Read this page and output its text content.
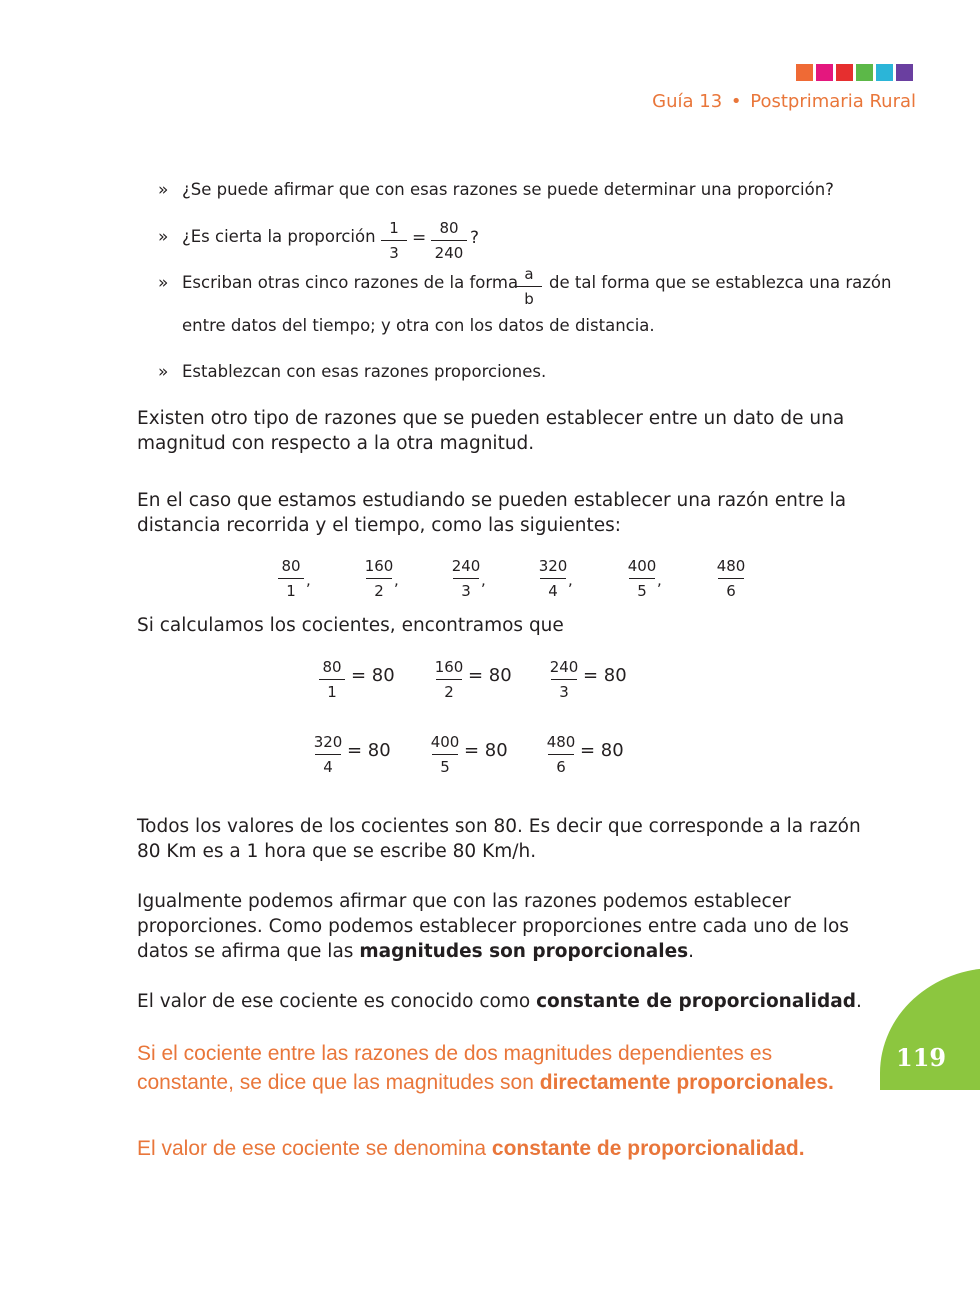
Guía 13 • Postprimaria Rural
» ¿Se puede afirmar que con esas razones se puede determinar una proporción?
» ¿Es cierta la proporción 1
3
= 80
240
?
» Escriban otras cinco razones de la forma a
b
de tal forma que se establezca una razón
entre datos del tiempo; y otra con los datos de distancia.
» Establezcan con esas razones proporciones.
Existen otro tipo de razones que se pueden establecer entre un dato de una magnitud con respecto a la otra magnitud.
En el caso que estamos estudiando se pueden establecer una razón entre la distancia recorrida y el tiempo, como las siguientes:
80
1
,
160
2
,
240
3
,
320
4
,
400
5
,
480
6
Si calculamos los cocientes, encontramos que
80
1
= 80	160
2
= 80	240
3
= 80
320
4
= 80	400
5
= 80	480
6
= 80
Todos los valores de los cocientes son 80. Es decir que corresponde a la razón 80 Km es a 1 hora que se escribe 80 Km/h.
Igualmente podemos afirmar que con las razones podemos establecer proporciones. Como podemos establecer proporciones entre cada uno de los datos se afirma que las magnitudes son proporcionales.
El valor de ese cociente es conocido como constante de proporcionalidad.
Si el cociente entre las razones de dos magnitudes dependientes es constante, se dice que las magnitudes son directamente proporcionales.
El valor de ese cociente se denomina constante de proporcionalidad.
119
